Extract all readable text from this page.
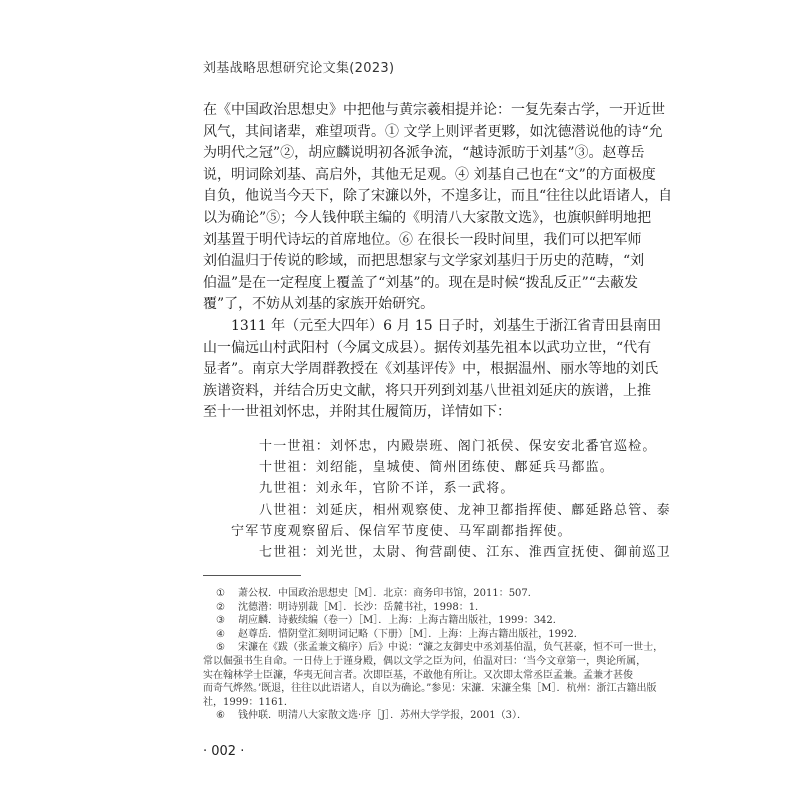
刘基战略思想研究论文集(2023)
在《中国政治思想史》中把他与黄宗羲相提并论：一复先秦古学，一开近世
风气，其间诸辈，难望项背。① 文学上则评者更夥，如沈德潜说他的诗“允
为明代之冠”②，胡应麟说明初各派争流，“越诗派昉于刘基”③。赵尊岳
说，明词除刘基、高启外，其他无足观。④ 刘基自己也在“文”的方面极度
自负，他说当今天下，除了宋濂以外，不遑多让，而且“往往以此语诸人，自
以为确论”⑤；今人钱仲联主编的《明清八大家散文选》，也旗帜鲜明地把
刘基置于明代诗坛的首席地位。⑥ 在很长一段时间里，我们可以把军师
刘伯温归于传说的畛域，而把思想家与文学家刘基归于历史的范畴，“刘
伯温”是在一定程度上覆盖了“刘基”的。现在是时候“拨乱反正”“去蔽发
覆”了，不妨从刘基的家族开始研究。
1311 年（元至大四年）6 月 15 日子时，刘基生于浙江省青田县南田
山一偏远山村武阳村（今属文成县）。据传刘基先祖本以武功立世，“代有
显者”。南京大学周群教授在《刘基评传》中，根据温州、丽水等地的刘氏
族谱资料，并结合历史文献，将只开列到刘基八世祖刘延庆的族谱，上推
至十一世祖刘怀忠，并附其仕履简历，详情如下：
十一世祖：刘怀忠，内殿崇班、阁门祇侯、保安安北番官巡检。
十世祖：刘绍能，皇城使、简州团练使、鄜延兵马都监。
九世祖：刘永年，官阶不详，系一武将。
八世祖：刘延庆，相州观察使、龙神卫都指挥使、鄜延路总管、泰
宁军节度观察留后、保信军节度使、马军副都指挥使。
七世祖：刘光世，太尉、徇营副使、江东、淮西宣抚使、御前巡卫
① 萧公权．中国政治思想史［M］．北京：商务印书馆，2011：507．
② 沈德潜：明诗别裁［M］．长沙：岳麓书社，1998：1．
③ 胡应麟．诗薮续编（卷一）［M］．上海：上海古籍出版社，1999：342．
④ 赵尊岳．惜阴堂汇刻明词记略（下册）［M］．上海：上海古籍出版社，1992．
⑤ 宋濂在《跋（张孟兼文稿序）后》中说：“濂之友御史中丞刘基伯温，负气甚豪，恒不可一世士，
常以倔强书生自命。一日侍上于谨身殿，偶以文学之臣为问，伯温对曰：‘当今文章第一，舆论所属，
实在翰林学士臣濂，华夷无间言者。次即臣基，不敢他有所让。又次即太常丞臣孟兼。孟兼才甚俊
而奇气烨然。’既退，往往以此语诸人，自以为确论。”参见：宋濂．宋濂全集［M］．杭州：浙江古籍出版
社，1999：1161．
⑥ 钱仲联．明清八大家散文选·序［J］．苏州大学学报，2001（3）．
· 002 ·
